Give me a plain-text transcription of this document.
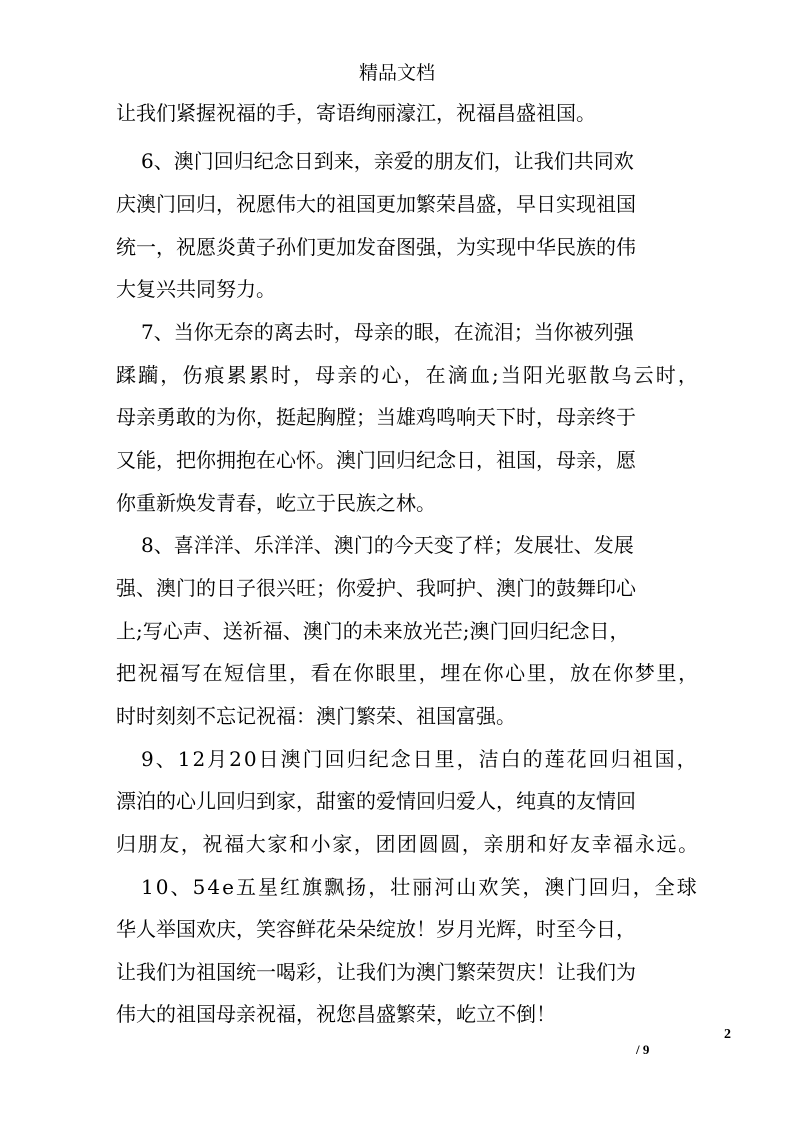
精品文档
让我们紧握祝福的手，寄语绚丽濠江，祝福昌盛祖国。
6、澳门回归纪念日到来，亲爱的朋友们，让我们共同欢
庆澳门回归，祝愿伟大的祖国更加繁荣昌盛，早日实现祖国
统一，祝愿炎黄子孙们更加发奋图强，为实现中华民族的伟
大复兴共同努力。
7、当你无奈的离去时，母亲的眼，在流泪；当你被列强
蹂躏，伤痕累累时，母亲的心，在滴血;当阳光驱散乌云时，
母亲勇敢的为你，挺起胸膛；当雄鸡鸣响天下时，母亲终于
又能，把你拥抱在心怀。澳门回归纪念日，祖国，母亲，愿
你重新焕发青春，屹立于民族之林。
8、喜洋洋、乐洋洋、澳门的今天变了样；发展壮、发展
强、澳门的日子很兴旺；你爱护、我呵护、澳门的鼓舞印心
上;写心声、送祈福、澳门的未来放光芒;澳门回归纪念日，
把祝福写在短信里，看在你眼里，埋在你心里，放在你梦里，
时时刻刻不忘记祝福：澳门繁荣、祖国富强。
9、12月20日澳门回归纪念日里，洁白的莲花回归祖国，
漂泊的心儿回归到家，甜蜜的爱情回归爱人，纯真的友情回
归朋友，祝福大家和小家，团团圆圆，亲朋和好友幸福永远。
10、54e五星红旗飘扬，壮丽河山欢笑，澳门回归，全球
华人举国欢庆，笑容鲜花朵朵绽放！岁月光辉，时至今日，
让我们为祖国统一喝彩，让我们为澳门繁荣贺庆！让我们为
伟大的祖国母亲祝福，祝您昌盛繁荣，屹立不倒！
2
/ 9
